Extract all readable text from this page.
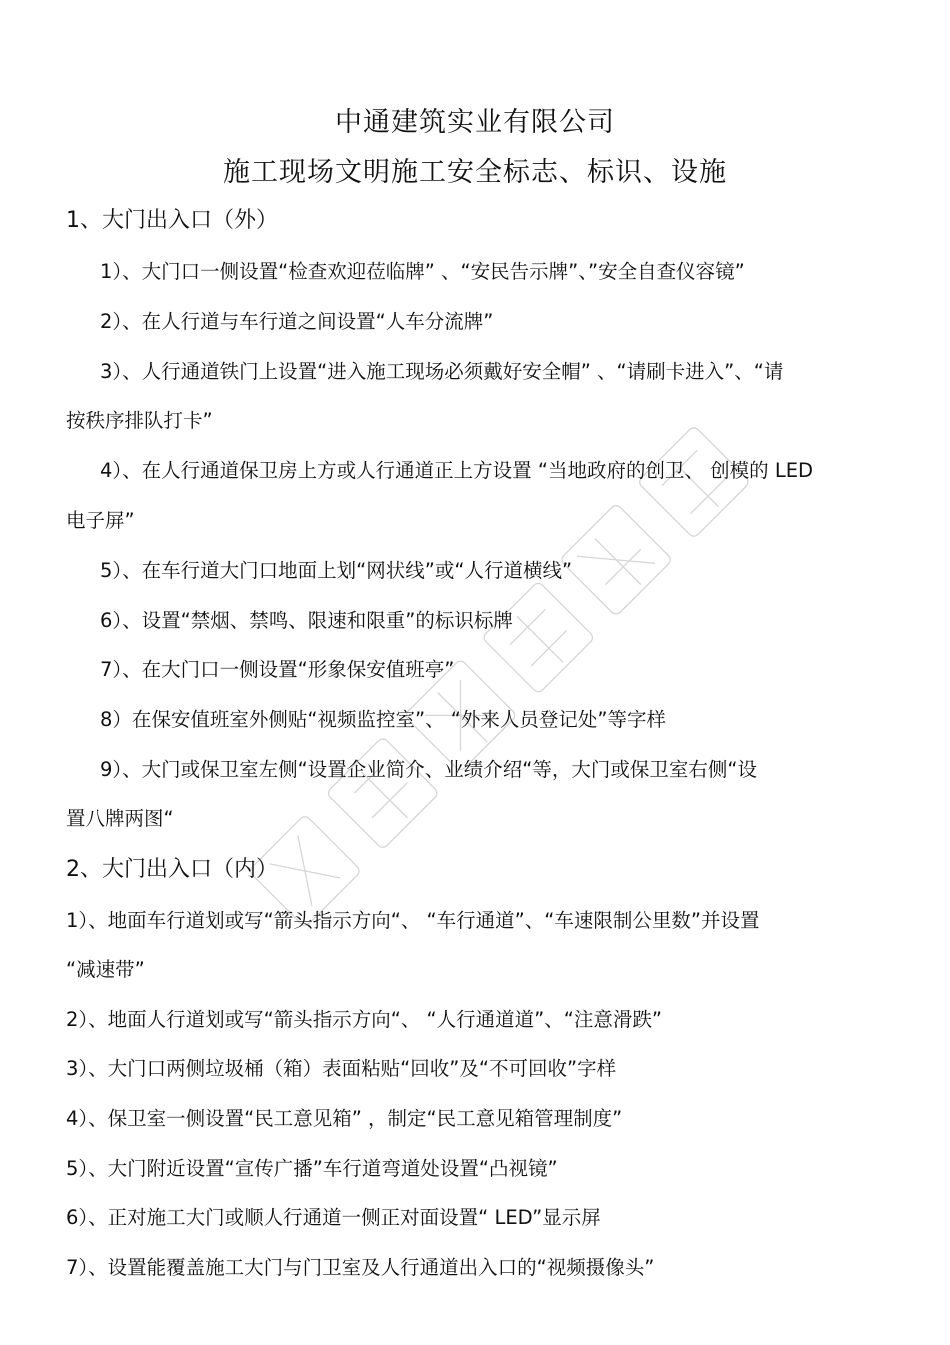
中通建筑实业有限公司
施工现场文明施工安全标志、标识、设施
1、大门出入口（外）
1）、大门口一侧设置“检查欢迎莅临牌” 、“安民告示牌”、”安全自查仪容镜”
2）、在人行道与车行道之间设置“人车分流牌”
3）、人行通道铁门上设置“进入施工现场必须戴好安全帽” 、“请刷卡进入”、“请
按秩序排队打卡”
4）、在人行通道保卫房上方或人行通道正上方设置 “当地政府的创卫、 创模的 LED
电子屏”
5）、在车行道大门口地面上划“网状线”或“人行道横线”
6）、设置“禁烟、禁鸣、限速和限重”的标识标牌
7）、在大门口一侧设置“形象保安值班亭”
8）在保安值班室外侧贴“视频监控室”、 “外来人员登记处”等字样
9）、大门或保卫室左侧“设置企业简介、业绩介绍“等，大门或保卫室右侧“设
置八牌两图“
2、大门出入口（内）
1）、地面车行道划或写“箭头指示方向“、 “车行通道”、“车速限制公里数”并设置
“减速带”
2）、地面人行道划或写“箭头指示方向“、 “人行通道道”、“注意滑跌”
3）、大门口两侧垃圾桶（箱）表面粘贴“回收”及“不可回收”字样
4）、保卫室一侧设置“民工意见箱” ，制定“民工意见箱管理制度”
5）、大门附近设置“宣传广播”车行道弯道处设置“凸视镜”
6）、正对施工大门或顺人行通道一侧正对面设置“ LED”显示屏
7）、设置能覆盖施工大门与门卫室及人行通道出入口的“视频摄像头”
